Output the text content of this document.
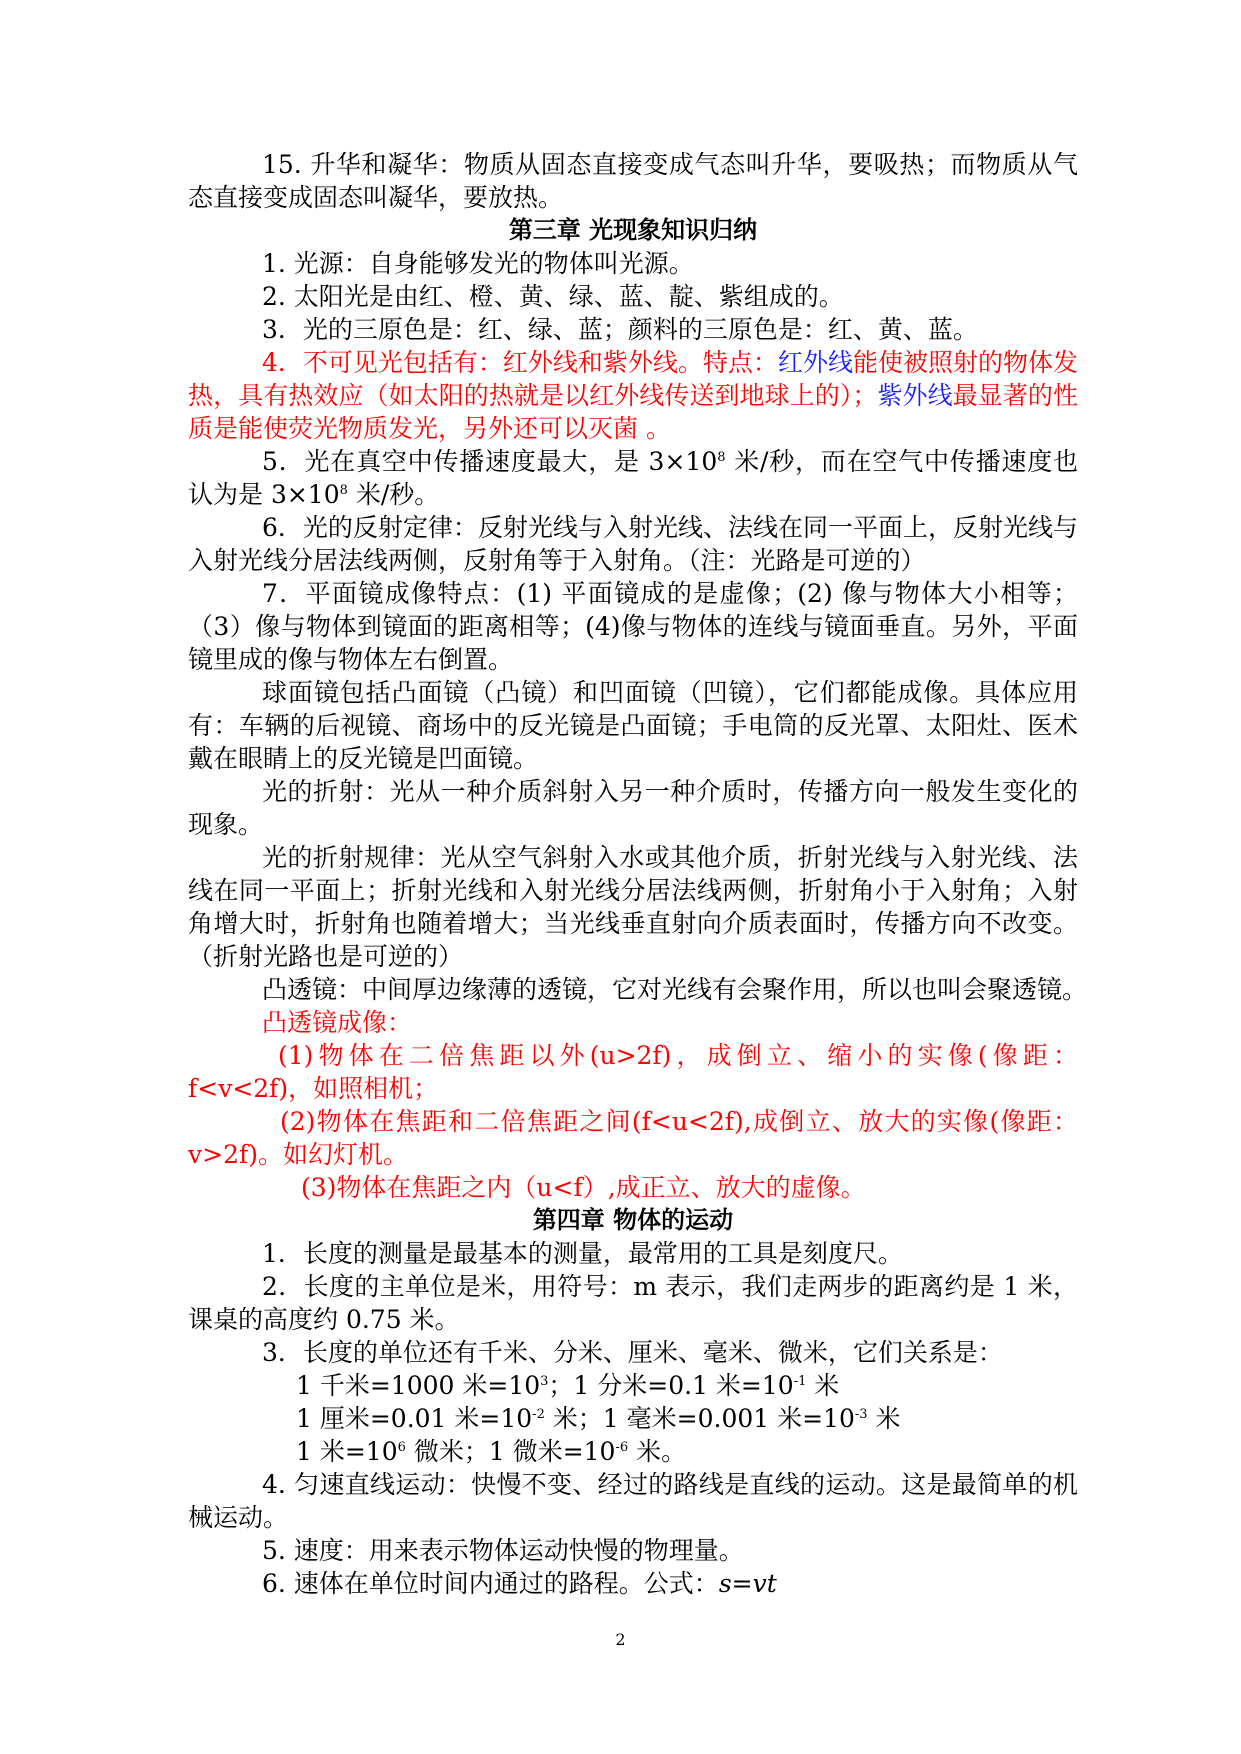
15. 升华和凝华：物质从固态直接变成气态叫升华，要吸热；而物质从气态直接变成固态叫凝华，要放热。

第三章 光现象知识归纳

1. 光源：自身能够发光的物体叫光源。

2. 太阳光是由红、橙、黄、绿、蓝、靛、紫组成的。

3．光的三原色是：红、绿、蓝；颜料的三原色是：红、黄、蓝。

4．不可见光包括有：红外线和紫外线。特点：红外线能使被照射的物体发热，具有热效应（如太阳的热就是以红外线传送到地球上的）；紫外线最显著的性质是能使荧光物质发光，另外还可以灭菌 。

5．光在真空中传播速度最大，是 $3\times 10^8$ 米/秒，而在空气中传播速度也认为是 $3\times 10^8$ 米/秒。

6．光的反射定律：反射光线与入射光线、法线在同一平面上，反射光线与入射光线分居法线两侧，反射角等于入射角。（注：光路是可逆的）

7．平面镜成像特点：(1) 平面镜成的是虚像；(2) 像与物体大小相等；（3）像与物体到镜面的距离相等；(4)像与物体的连线与镜面垂直。另外，平面镜里成的像与物体左右倒置。

球面镜包括凸面镜（凸镜）和凹面镜（凹镜），它们都能成像。具体应用有：车辆的后视镜、商场中的反光镜是凸面镜；手电筒的反光罩、太阳灶、医术戴在眼睛上的反光镜是凹面镜。

光的折射：光从一种介质斜射入另一种介质时，传播方向一般发生变化的现象。

光的折射规律：光从空气斜射入水或其他介质，折射光线与入射光线、法线在同一平面上；折射光线和入射光线分居法线两侧，折射角小于入射角；入射角增大时，折射角也随着增大；当光线垂直射向介质表面时，传播方向不改变。（折射光路也是可逆的）

凸透镜：中间厚边缘薄的透镜，它对光线有会聚作用，所以也叫会聚透镜。

凸透镜成像：

(1)物体在二倍焦距以外(u>2f)，成倒立、缩小的实像(像距：f<v<2f)，如照相机；

(2)物体在焦距和二倍焦距之间(f<u<2f),成倒立、放大的实像(像距：v>2f)。如幻灯机。

(3)物体在焦距之内（u<f）,成正立、放大的虚像。

第四章 物体的运动

1．长度的测量是最基本的测量，最常用的工具是刻度尺。

2．长度的主单位是米，用符号：m 表示，我们走两步的距离约是 1 米，课桌的高度约 0.75 米。

3．长度的单位还有千米、分米、厘米、毫米、微米，它们关系是：

1 千米=1000 米$=10^3$；1 分米=0.1 米$=10^{-1}$ 米

1 厘米=0.01 米$=10^{-2}$ 米；1 毫米=0.001 米$=10^{-3}$ 米

1 米$=10^6$ 微米；1 微米$=10^{-6}$ 米。

4. 匀速直线运动：快慢不变、经过的路线是直线的运动。这是最简单的机械运动。

5. 速度：用来表示物体运动快慢的物理量。

6. 速体在单位时间内通过的路程。公式：s=vt

2
